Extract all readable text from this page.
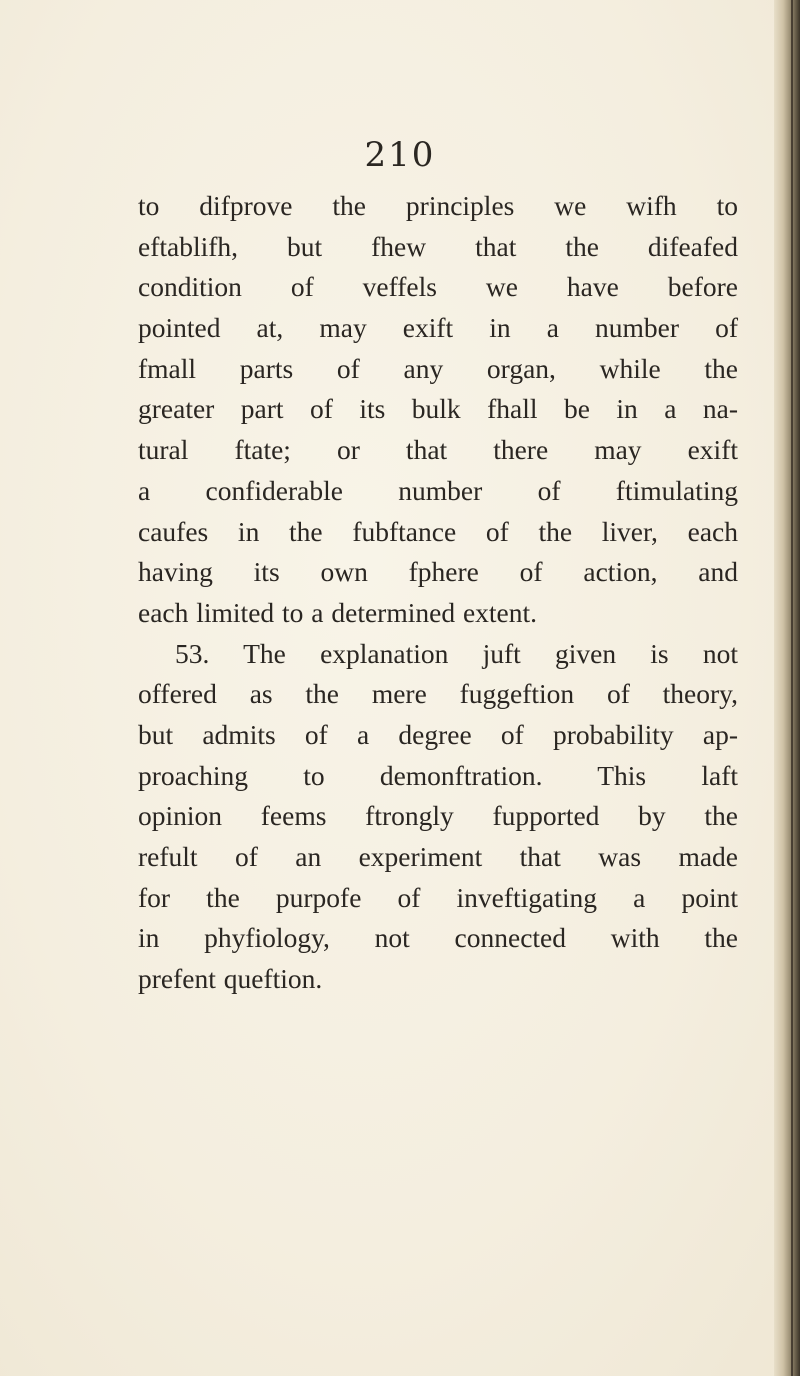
210
to difprove the principles we wifh to
eftablifh, but fhew that the difeafed
condition of veffels we have before
pointed at, may exift in a number of
fmall parts of any organ, while the
greater part of its bulk fhall be in a na-
tural ftate; or that there may exift
a confiderable number of ftimulating
caufes in the fubftance of the liver, each
having its own fphere of action, and
each limited to a determined extent.
53. The explanation juft given is not
offered as the mere fuggeftion of theory,
but admits of a degree of probability ap-
proaching to demonftration. This laft
opinion feems ftrongly fupported by the
refult of an experiment that was made
for the purpofe of inveftigating a point
in phyfiology, not connected with the
prefent queftion.
